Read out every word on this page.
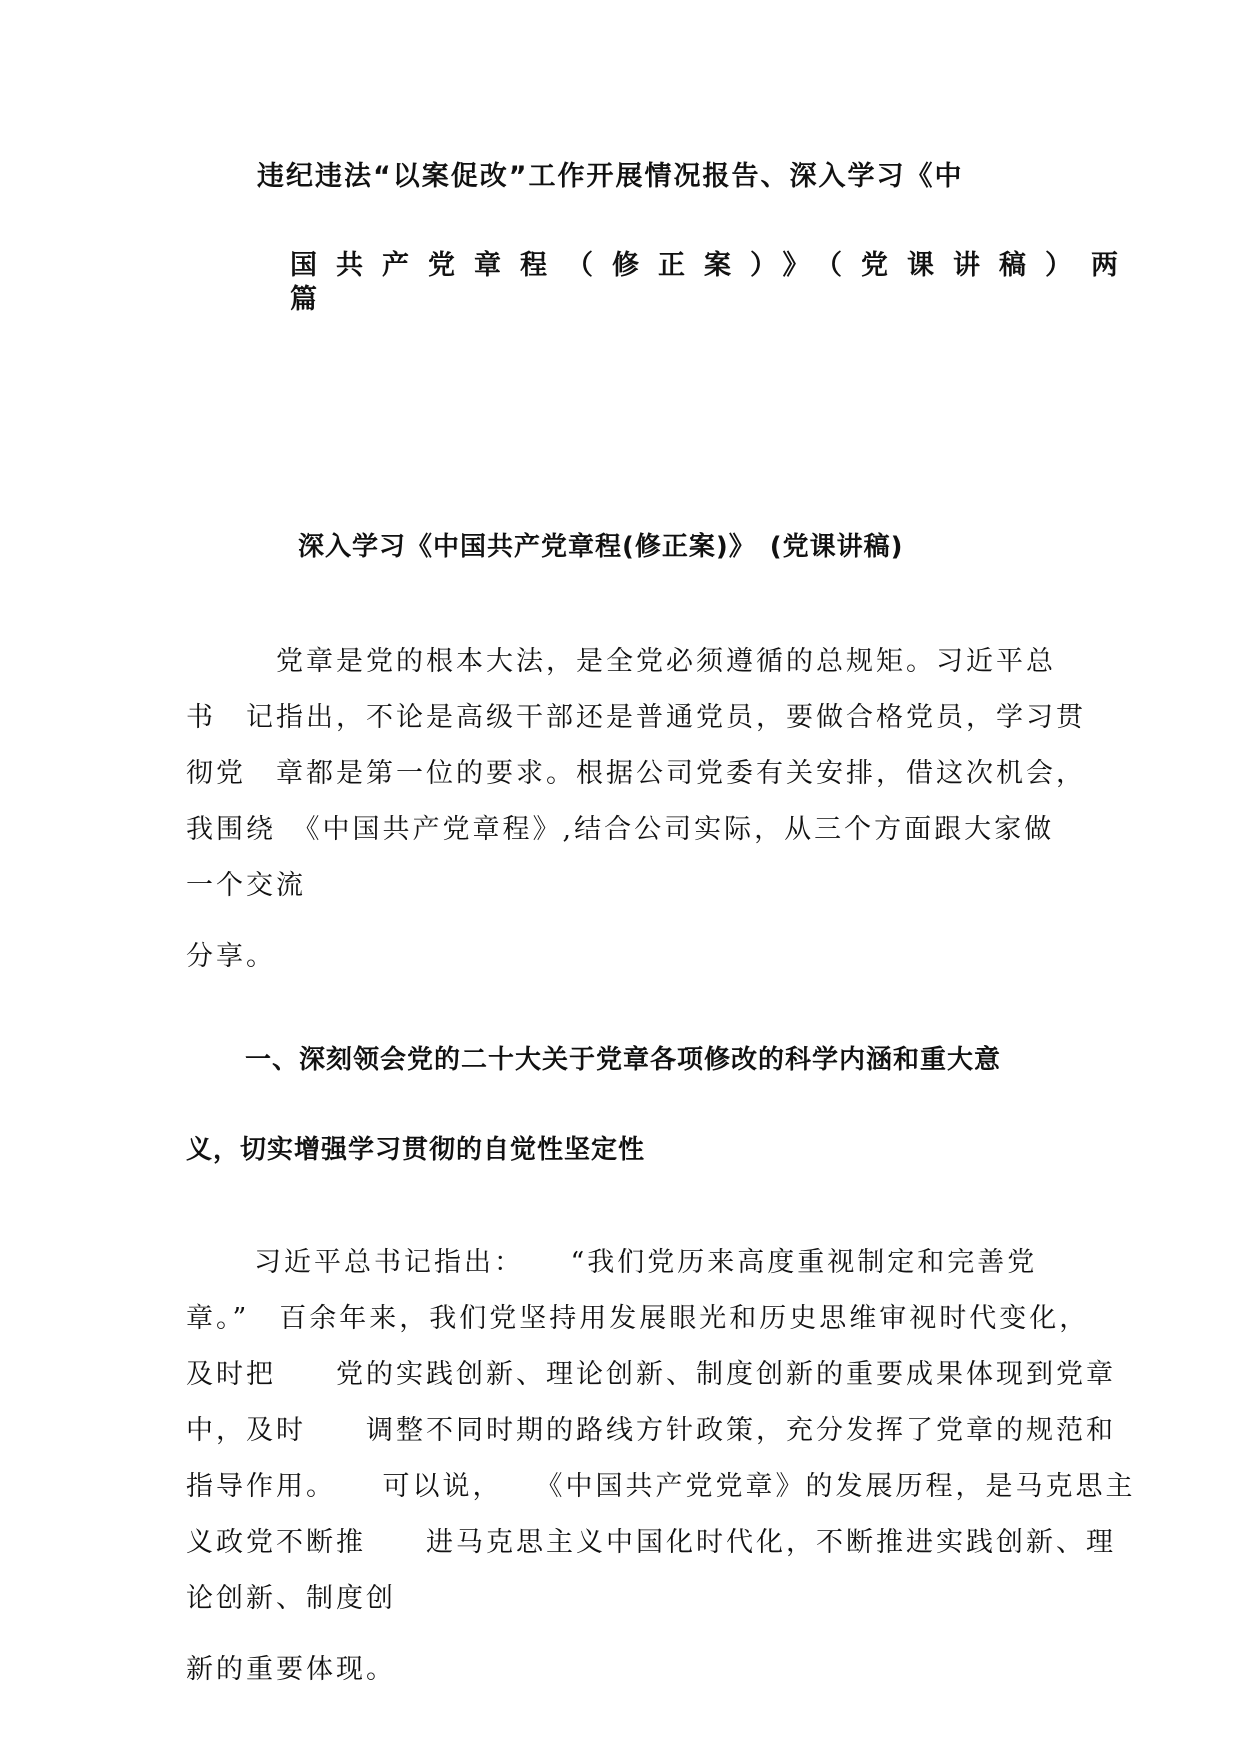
违纪违法“以案促改”工作开展情况报告、深入学习《中
国共产党章程（修正案）》（党课讲稿）两
篇
深入学习《中国共产党章程(修正案)》　(党课讲稿)
党章是党的根本大法，是全党必须遵循的总规矩。习近平总
书　记指出，不论是高级干部还是普通党员，要做合格党员，学习贯
彻党　章都是第一位的要求。根据公司党委有关安排，借这次机会，
我围绕　《中国共产党章程》,结合公司实际，从三个方面跟大家做
一个交流
分享。
一、深刻领会党的二十大关于党章各项修改的科学内涵和重大意
义，切实增强学习贯彻的自觉性坚定性
习近平总书记指出：　　“我们党历来高度重视制定和完善党
章。”　百余年来，我们党坚持用发展眼光和历史思维审视时代变化，
及时把　　党的实践创新、理论创新、制度创新的重要成果体现到党章
中，及时　　调整不同时期的路线方针政策，充分发挥了党章的规范和
指导作用。　　可以说，　　《中国共产党党章》的发展历程，是马克思主
义政党不断推　　进马克思主义中国化时代化，不断推进实践创新、理
论创新、制度创
新的重要体现。
